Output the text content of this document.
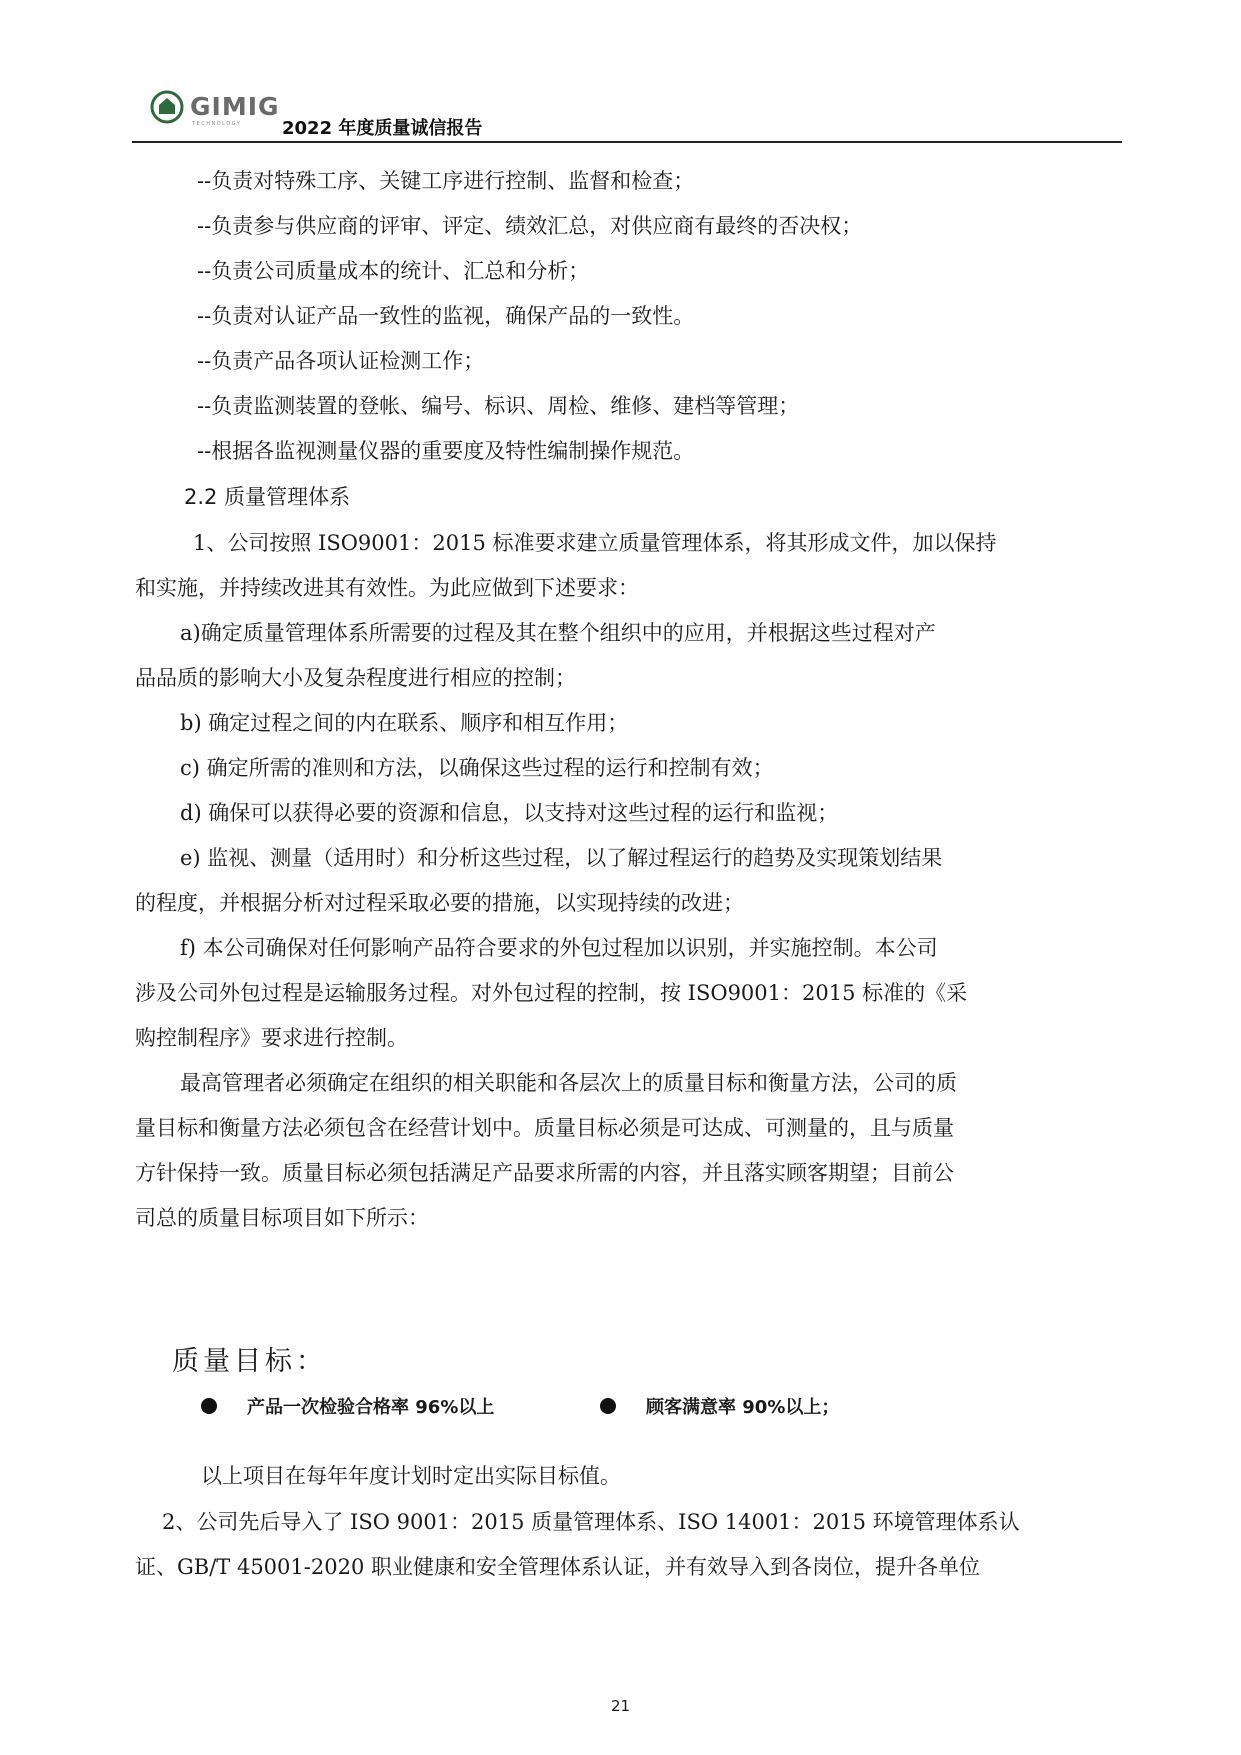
GIMIG
TECHNOLOGY 2022 年度质量诚信报告
--负责对特殊工序、关键工序进行控制、监督和检查；
--负责参与供应商的评审、评定、绩效汇总，对供应商有最终的否决权；
--负责公司质量成本的统计、汇总和分析；
--负责对认证产品一致性的监视，确保产品的一致性。
--负责产品各项认证检测工作；
--负责监测装置的登帐、编号、标识、周检、维修、建档等管理；
--根据各监视测量仪器的重要度及特性编制操作规范。
2.2 质量管理体系
1、公司按照 ISO9001：2015 标准要求建立质量管理体系，将其形成文件，加以保持
和实施，并持续改进其有效性。为此应做到下述要求：
a)确定质量管理体系所需要的过程及其在整个组织中的应用，并根据这些过程对产
品品质的影响大小及复杂程度进行相应的控制；
b) 确定过程之间的内在联系、顺序和相互作用；
c) 确定所需的准则和方法，以确保这些过程的运行和控制有效；
d) 确保可以获得必要的资源和信息，以支持对这些过程的运行和监视；
e) 监视、测量（适用时）和分析这些过程，以了解过程运行的趋势及实现策划结果
的程度，并根据分析对过程采取必要的措施，以实现持续的改进；
f) 本公司确保对任何影响产品符合要求的外包过程加以识别，并实施控制。本公司
涉及公司外包过程是运输服务过程。对外包过程的控制，按 ISO9001：2015 标准的《采
购控制程序》要求进行控制。
最高管理者必须确定在组织的相关职能和各层次上的质量目标和衡量方法，公司的质
量目标和衡量方法必须包含在经营计划中。质量目标必须是可达成、可测量的，且与质量
方针保持一致。质量目标必须包括满足产品要求所需的内容，并且落实顾客期望；目前公
司总的质量目标项目如下所示：
质量目标：
产品一次检验合格率 96%以上	顾客满意率 90%以上；
以上项目在每年年度计划时定出实际目标值。
2、公司先后导入了 ISO 9001：2015 质量管理体系、ISO 14001：2015 环境管理体系认
证、GB/T 45001-2020 职业健康和安全管理体系认证，并有效导入到各岗位，提升各单位
21
